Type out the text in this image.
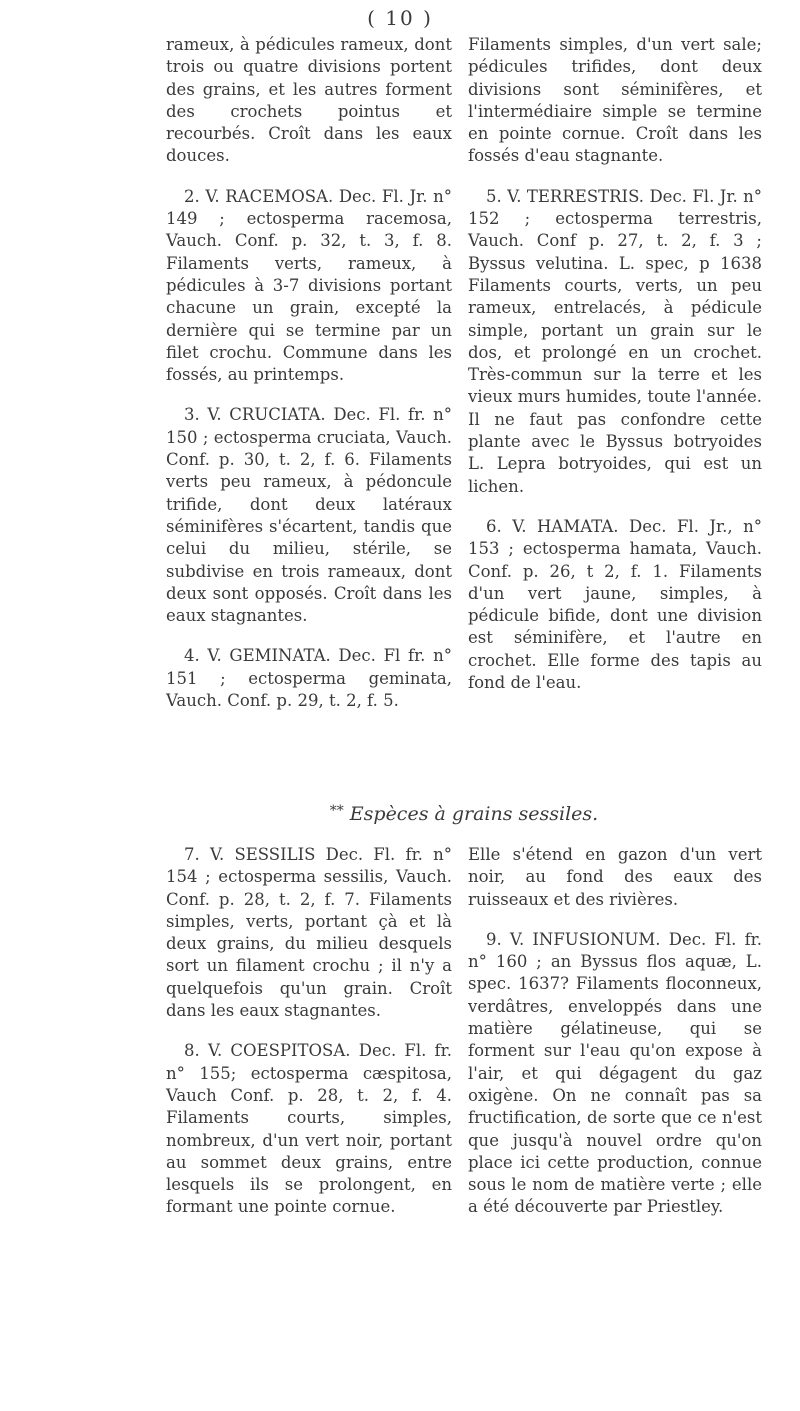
( 10 )

rameux, à pédicules rameux, dont trois ou quatre divisions portent des grains, et les autres forment des crochets pointus et recourbés. Croît dans les eaux douces.

2. V. RACEMOSA. Dec. Fl. Jr. n° 149 ; ectosperma racemosa, Vauch. Conf. p. 32, t. 3, f. 8. Filaments verts, rameux, à pédicules à 3-7 divisions portant chacune un grain, excepté la dernière qui se termine par un filet crochu. Commune dans les fossés, au printemps.

3. V. CRUCIATA. Dec. Fl. fr. n° 150 ; ectosperma cruciata, Vauch. Conf. p. 30, t. 2, f. 6. Filaments verts peu rameux, à pédoncule trifide, dont deux latéraux séminifères s'écartent, tandis que celui du milieu, stérile, se subdivise en trois rameaux, dont deux sont opposés. Croît dans les eaux stagnantes.

4. V. GEMINATA. Dec. Fl fr. n° 151 ; ectosperma geminata, Vauch. Conf. p. 29, t. 2, f. 5.

Filaments simples, d'un vert sale; pédicules trifides, dont deux divisions sont séminifères, et l'intermédiaire simple se termine en pointe cornue. Croît dans les fossés d'eau stagnante.

5. V. TERRESTRIS. Dec. Fl. Jr. n° 152 ; ectosperma terrestris, Vauch. Conf p. 27, t. 2, f. 3 ; Byssus velutina. L. spec, p 1638 Filaments courts, verts, un peu rameux, entrelacés, à pédicule simple, portant un grain sur le dos, et prolongé en un crochet. Très-commun sur la terre et les vieux murs humides, toute l'année. Il ne faut pas confondre cette plante avec le Byssus botryoides L. Lepra botryoides, qui est un lichen.

6. V. HAMATA. Dec. Fl. Jr., n° 153 ; ectosperma hamata, Vauch. Conf. p. 26, t 2, f. 1. Filaments d'un vert jaune, simples, à pédicule bifide, dont une division est séminifère, et l'autre en crochet. Elle forme des tapis au fond de l'eau.

** Espèces à grains sessiles.

7. V. SESSILIS Dec. Fl. fr. n° 154 ; ectosperma sessilis, Vauch. Conf. p. 28, t. 2, f. 7. Filaments simples, verts, portant çà et là deux grains, du milieu desquels sort un filament crochu ; il n'y a quelquefois qu'un grain. Croît dans les eaux stagnantes.

8. V. COESPITOSA. Dec. Fl. fr. n° 155; ectosperma cæspitosa, Vauch Conf. p. 28, t. 2, f. 4. Filaments courts, simples, nombreux, d'un vert noir, portant au sommet deux grains, entre lesquels ils se prolongent, en formant une pointe cornue.

Elle s'étend en gazon d'un vert noir, au fond des eaux des ruisseaux et des rivières.

9. V. INFUSIONUM. Dec. Fl. fr. n° 160 ; an Byssus flos aquæ, L. spec. 1637? Filaments floconneux, verdâtres, enveloppés dans une matière gélatineuse, qui se forment sur l'eau qu'on expose à l'air, et qui dégagent du gaz oxigène. On ne connaît pas sa fructification, de sorte que ce n'est que jusqu'à nouvel ordre qu'on place ici cette production, connue sous le nom de matière verte ; elle a été découverte par Priestley.
